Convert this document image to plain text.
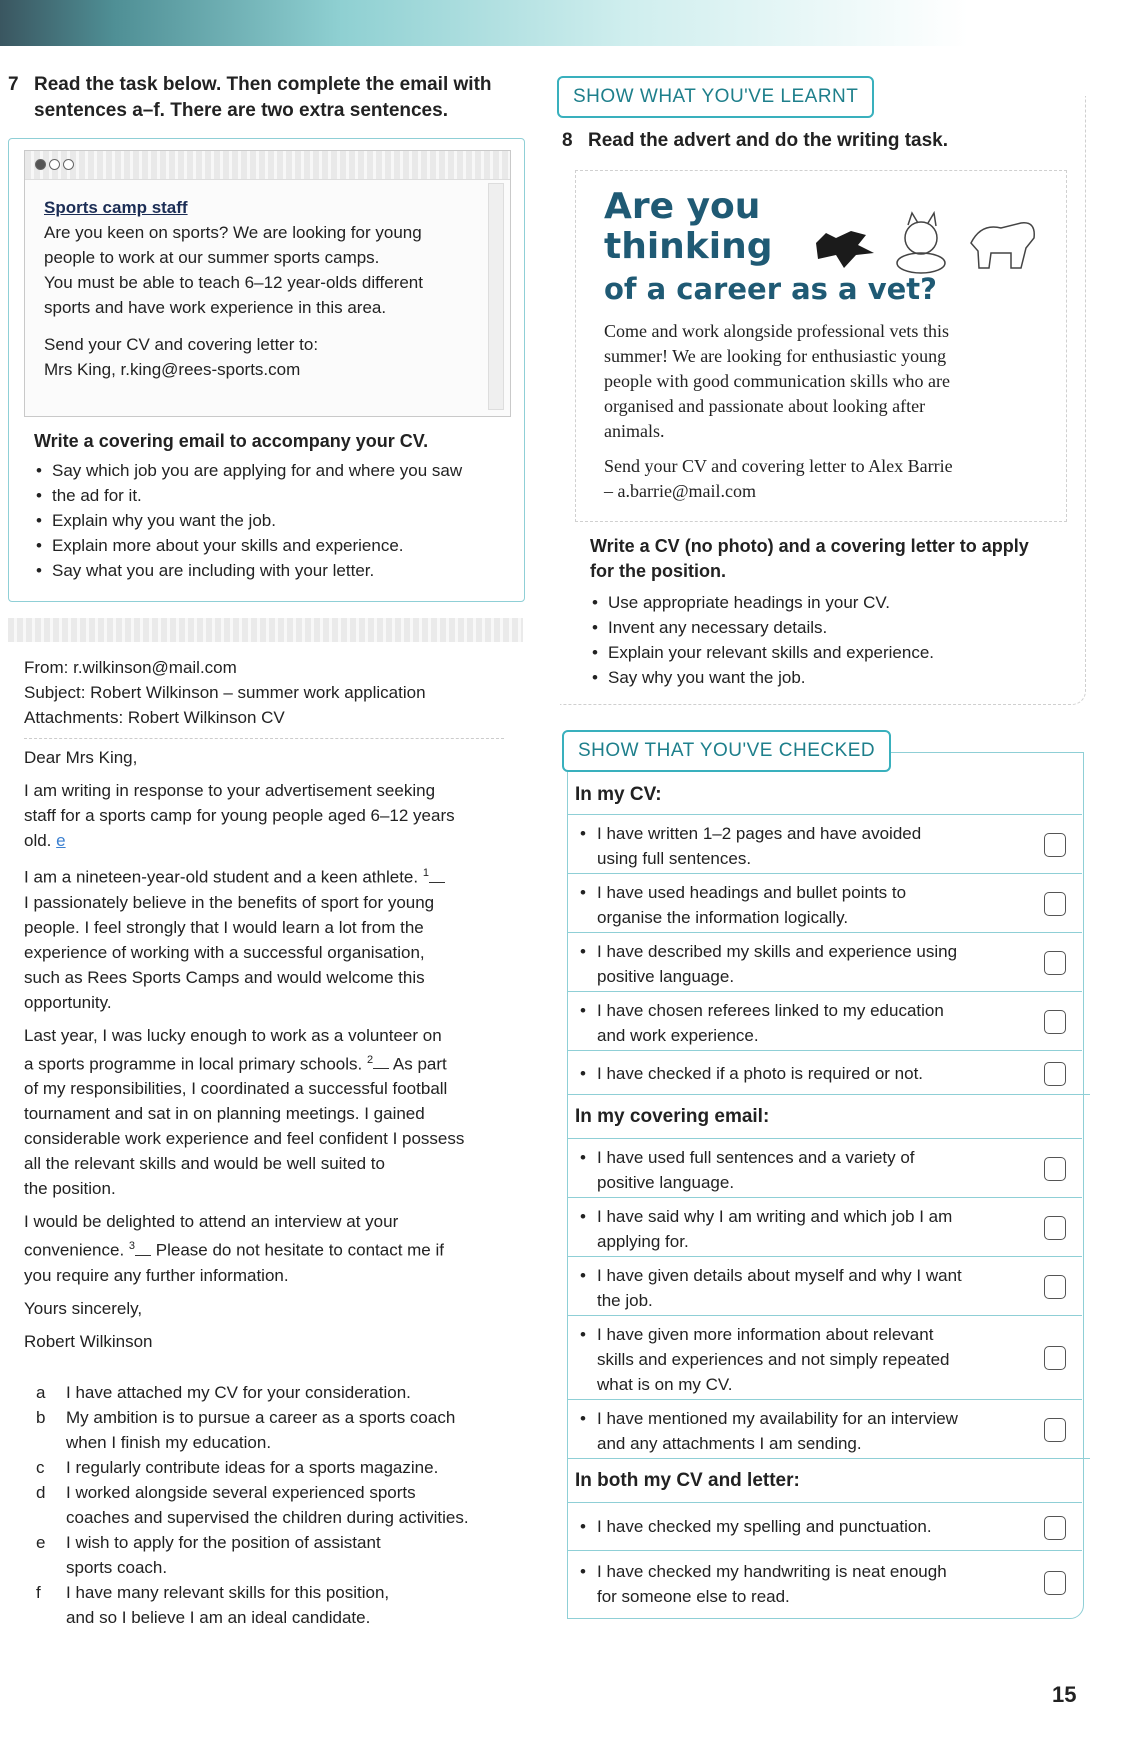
7 Read the task below. Then complete the email with
sentences a–f. There are two extra sentences.
Sports camp staff
Are you keen on sports? We are looking for young
people to work at our summer sports camps.
You must be able to teach 6–12 year-olds different
sports and have work experience in this area.
Send your CV and covering letter to:
Mrs King, r.king@rees-sports.com
Write a covering email to accompany your CV.
• Say which job you are applying for and where you saw
• the ad for it.
• Explain why you want the job.
• Explain more about your skills and experience.
• Say what you are including with your letter.
From: r.wilkinson@mail.com
Subject: Robert Wilkinson – summer work application
Attachments: Robert Wilkinson CV
Dear Mrs King,
I am writing in response to your advertisement seeking
staff for a sports camp for young people aged 6–12 years
old. e
I am a nineteen-year-old student and a keen athlete. $^1$
I passionately believe in the benefits of sport for young
people. I feel strongly that I would learn a lot from the
experience of working with a successful organisation,
such as Rees Sports Camps and would welcome this
opportunity.
Last year, I was lucky enough to work as a volunteer on
a sports programme in local primary schools. $^2$ As part
of my responsibilities, I coordinated a successful football
tournament and sat in on planning meetings. I gained
considerable work experience and feel confident I possess
all the relevant skills and would be well suited to
the position.
I would be delighted to attend an interview at your
convenience. $^3$ Please do not hesitate to contact me if
you require any further information.
Yours sincerely,
Robert Wilkinson
a	I have attached my CV for your consideration.
b	My ambition is to pursue a career as a sports coach
when I finish my education.
c	I regularly contribute ideas for a sports magazine.
d	I worked alongside several experienced sports
coaches and supervised the children during activities.
e	I wish to apply for the position of assistant
sports coach.
f	I have many relevant skills for this position,
and so I believe I am an ideal candidate.
SHOW WHAT YOU'VE LEARNT
8 Read the advert and do the writing task.
Are you
thinking
of a career as a vet?
Come and work alongside professional vets this
summer! We are looking for enthusiastic young
people with good communication skills who are
organised and passionate about looking after
animals.
Send your CV and covering letter to Alex Barrie
– a.barrie@mail.com
Write a CV (no photo) and a covering letter to apply
for the position.
• Use appropriate headings in your CV.
• Invent any necessary details.
• Explain your relevant skills and experience.
• Say why you want the job.
SHOW THAT YOU'VE CHECKED
In my CV:
• I have written 1–2 pages and have avoided
using full sentences.
• I have used headings and bullet points to
organise the information logically.
• I have described my skills and experience using
positive language.
• I have chosen referees linked to my education
and work experience.
• I have checked if a photo is required or not.
In my covering email:
• I have used full sentences and a variety of
positive language.
• I have said why I am writing and which job I am
applying for.
• I have given details about myself and why I want
the job.
• I have given more information about relevant
skills and experiences and not simply repeated
what is on my CV.
• I have mentioned my availability for an interview
and any attachments I am sending.
In both my CV and letter:
• I have checked my spelling and punctuation.
• I have checked my handwriting is neat enough
for someone else to read.
15
